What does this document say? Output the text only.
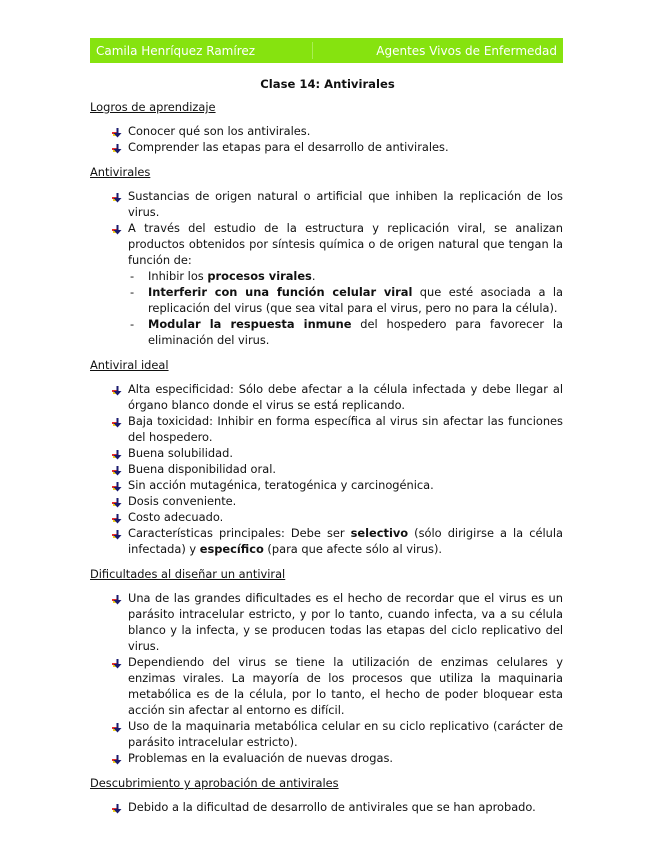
Camila Henríquez Ramírez	Agentes Vivos de Enfermedad
Clase 14: Antivirales
Logros de aprendizaje
Conocer qué son los antivirales.
Comprender las etapas para el desarrollo de antivirales.
Antivirales
Sustancias de origen natural o artificial que inhiben la replicación de los virus.
A través del estudio de la estructura y replicación viral, se analizan productos obtenidos por síntesis química o de origen natural que tengan la función de:
- Inhibir los procesos virales.
- Interferir con una función celular viral que esté asociada a la replicación del virus (que sea vital para el virus, pero no para la célula).
- Modular la respuesta inmune del hospedero para favorecer la eliminación del virus.
Antiviral ideal
Alta especificidad: Sólo debe afectar a la célula infectada y debe llegar al órgano blanco donde el virus se está replicando.
Baja toxicidad: Inhibir en forma específica al virus sin afectar las funciones del hospedero.
Buena solubilidad.
Buena disponibilidad oral.
Sin acción mutagénica, teratogénica y carcinogénica.
Dosis conveniente.
Costo adecuado.
Características principales: Debe ser selectivo (sólo dirigirse a la célula infectada) y específico (para que afecte sólo al virus).
Dificultades al diseñar un antiviral
Una de las grandes dificultades es el hecho de recordar que el virus es un parásito intracelular estricto, y por lo tanto, cuando infecta, va a su célula blanco y la infecta, y se producen todas las etapas del ciclo replicativo del virus.
Dependiendo del virus se tiene la utilización de enzimas celulares y enzimas virales. La mayoría de los procesos que utiliza la maquinaria metabólica es de la célula, por lo tanto, el hecho de poder bloquear esta acción sin afectar al entorno es difícil.
Uso de la maquinaria metabólica celular en su ciclo replicativo (carácter de parásito intracelular estricto).
Problemas en la evaluación de nuevas drogas.
Descubrimiento y aprobación de antivirales
Debido a la dificultad de desarrollo de antivirales que se han aprobado.
